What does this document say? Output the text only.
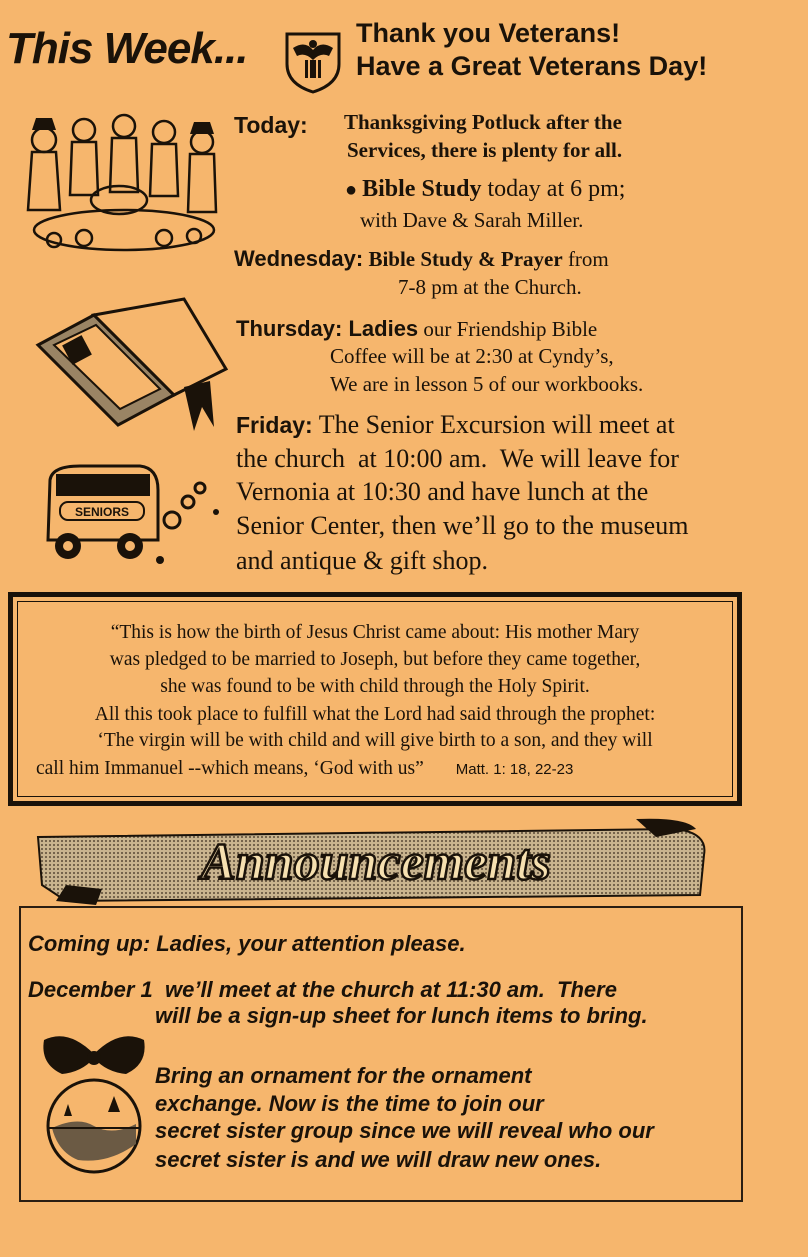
This Week...	Thank you Veterans!
Have a Great Veterans Day!
Today: Thanksgiving Potluck after the
Services, there is plenty for all.
● Bible Study today at 6 pm;
with Dave & Sarah Miller.
Wednesday: Bible Study & Prayer from
7-8 pm at the Church.
Thursday: Ladies our Friendship Bible
Coffee will be at 2:30 at Cyndy’s,
We are in lesson 5 of our workbooks.
Friday: The Senior Excursion will meet at
the church  at 10:00 am.  We will leave for
Vernonia at 10:30 and have lunch at the
Senior Center, then we’ll go to the museum
and antique & gift shop.
SENIORS
“This is how the birth of Jesus Christ came about: His mother Mary
was pledged to be married to Joseph, but before they came together,
she was found to be with child through the Holy Spirit.
All this took place to fulfill what the Lord had said through the prophet:
‘The virgin will be with child and will give birth to a son, and they will
call him Immanuel --which means, ‘God with us” Matt. 1: 18, 22-23
Announcements
Coming up: Ladies, your attention please.
December 1 we’ll meet at the church at 11:30 am.  There
will be a sign-up sheet for lunch items to bring.
Bring an ornament for the ornament
exchange. Now is the time to join our
secret sister group since we will reveal who our
secret sister is and we will draw new ones.
